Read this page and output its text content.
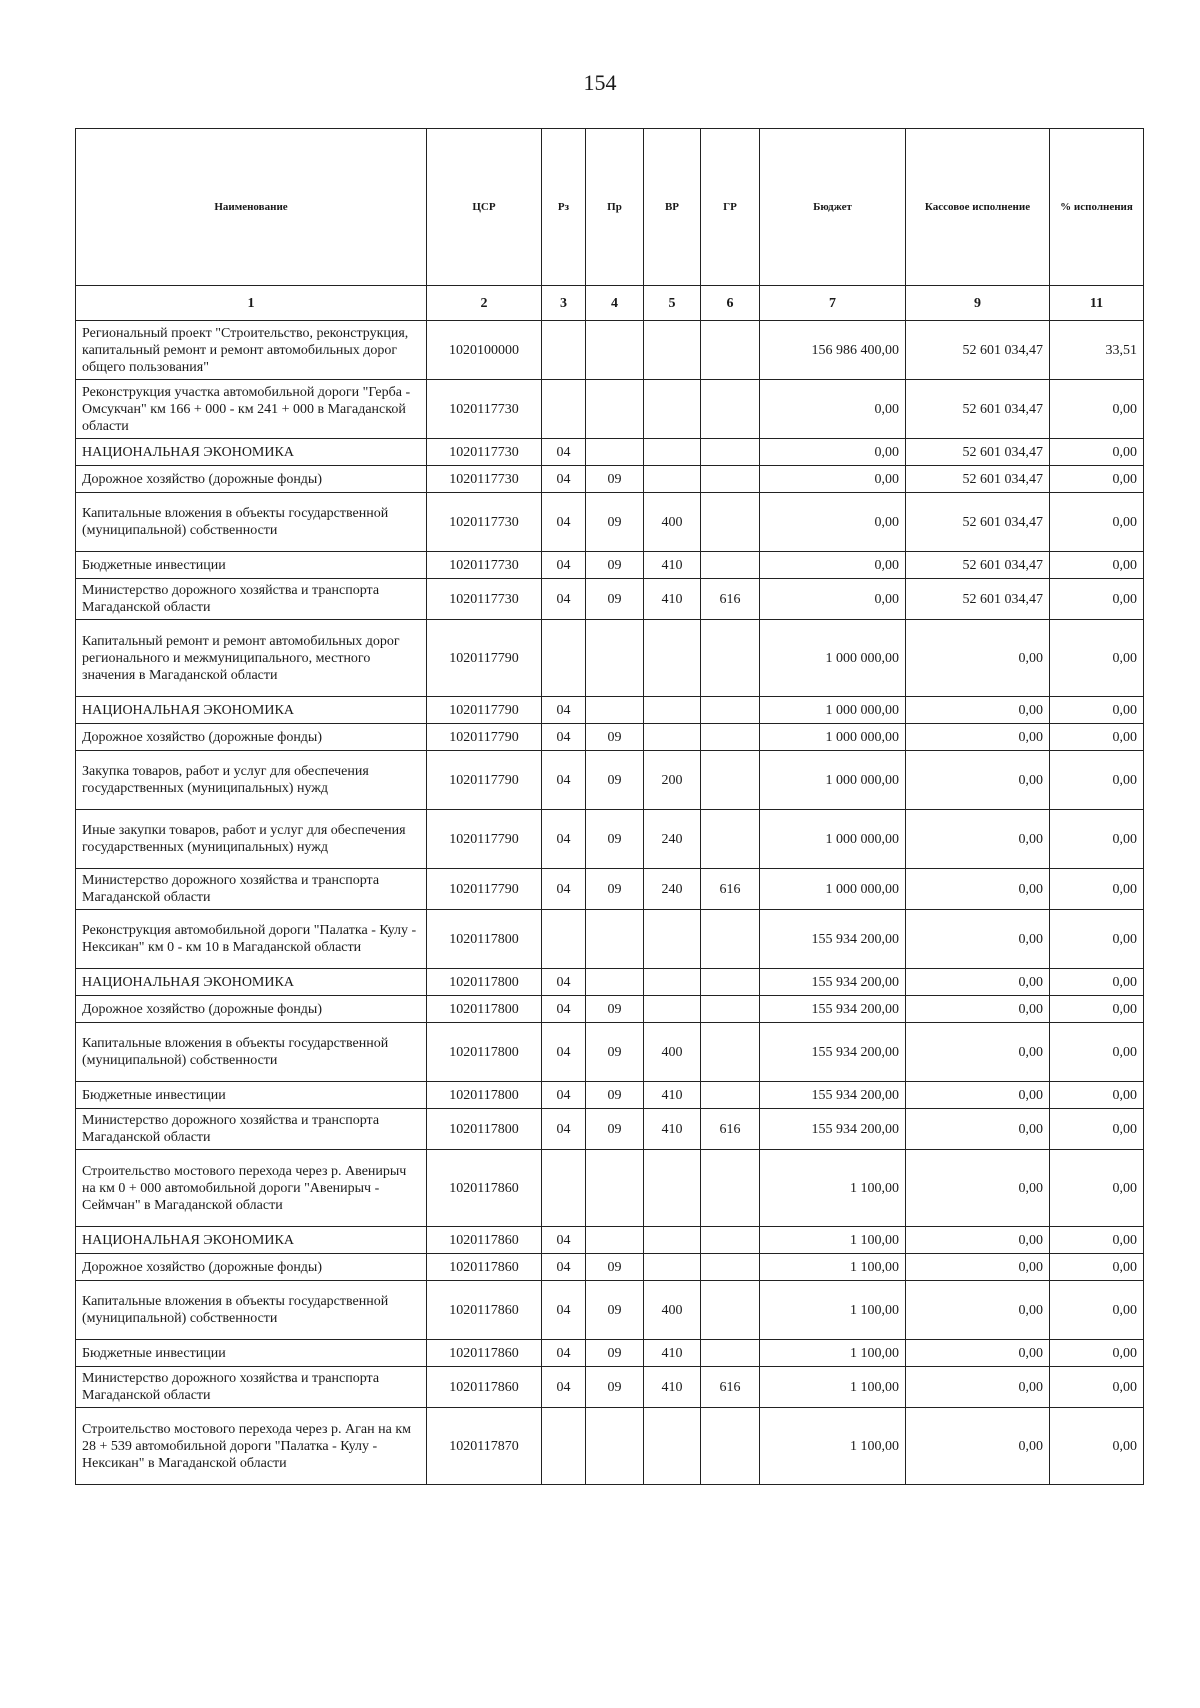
154
Наименование	ЦСР	Рз	Пр	ВР	ГР	Бюджет	Кассовое исполнение	% исполнения
1	2	3	4	5	6	7	9	11
Региональный проект "Строительство, реконструкция, капитальный ремонт и ремонт автомобильных дорог общего пользования"	1020100000					156 986 400,00	52 601 034,47	33,51
Реконструкция участка автомобильной дороги "Герба - Омсукчан" км 166 + 000 - км 241 + 000 в Магаданской области	1020117730					0,00	52 601 034,47	0,00
НАЦИОНАЛЬНАЯ ЭКОНОМИКА	1020117730	04				0,00	52 601 034,47	0,00
Дорожное хозяйство (дорожные фонды)	1020117730	04	09			0,00	52 601 034,47	0,00
Капитальные вложения в объекты государственной (муниципальной) собственности	1020117730	04	09	400		0,00	52 601 034,47	0,00
Бюджетные инвестиции	1020117730	04	09	410		0,00	52 601 034,47	0,00
Министерство дорожного хозяйства и транспорта Магаданской области	1020117730	04	09	410	616	0,00	52 601 034,47	0,00
Капитальный ремонт и ремонт автомобильных дорог регионального и межмуниципального, местного значения в Магаданской области	1020117790					1 000 000,00	0,00	0,00
НАЦИОНАЛЬНАЯ ЭКОНОМИКА	1020117790	04				1 000 000,00	0,00	0,00
Дорожное хозяйство (дорожные фонды)	1020117790	04	09			1 000 000,00	0,00	0,00
Закупка товаров, работ и услуг для обеспечения государственных (муниципальных) нужд	1020117790	04	09	200		1 000 000,00	0,00	0,00
Иные закупки товаров, работ и услуг для обеспечения государственных (муниципальных) нужд	1020117790	04	09	240		1 000 000,00	0,00	0,00
Министерство дорожного хозяйства и транспорта Магаданской области	1020117790	04	09	240	616	1 000 000,00	0,00	0,00
Реконструкция автомобильной дороги "Палатка - Кулу - Нексикан" км 0 - км 10 в Магаданской области	1020117800					155 934 200,00	0,00	0,00
НАЦИОНАЛЬНАЯ ЭКОНОМИКА	1020117800	04				155 934 200,00	0,00	0,00
Дорожное хозяйство (дорожные фонды)	1020117800	04	09			155 934 200,00	0,00	0,00
Капитальные вложения в объекты государственной (муниципальной) собственности	1020117800	04	09	400		155 934 200,00	0,00	0,00
Бюджетные инвестиции	1020117800	04	09	410		155 934 200,00	0,00	0,00
Министерство дорожного хозяйства и транспорта Магаданской области	1020117800	04	09	410	616	155 934 200,00	0,00	0,00
Строительство мостового перехода через р. Авенирыч на км 0 + 000 автомобильной дороги "Авенирыч - Сеймчан" в Магаданской области	1020117860					1 100,00	0,00	0,00
НАЦИОНАЛЬНАЯ ЭКОНОМИКА	1020117860	04				1 100,00	0,00	0,00
Дорожное хозяйство (дорожные фонды)	1020117860	04	09			1 100,00	0,00	0,00
Капитальные вложения в объекты государственной (муниципальной) собственности	1020117860	04	09	400		1 100,00	0,00	0,00
Бюджетные инвестиции	1020117860	04	09	410		1 100,00	0,00	0,00
Министерство дорожного хозяйства и транспорта Магаданской области	1020117860	04	09	410	616	1 100,00	0,00	0,00
Строительство мостового перехода через р. Аган на км 28 + 539 автомобильной дороги "Палатка - Кулу - Нексикан" в Магаданской области	1020117870					1 100,00	0,00	0,00
